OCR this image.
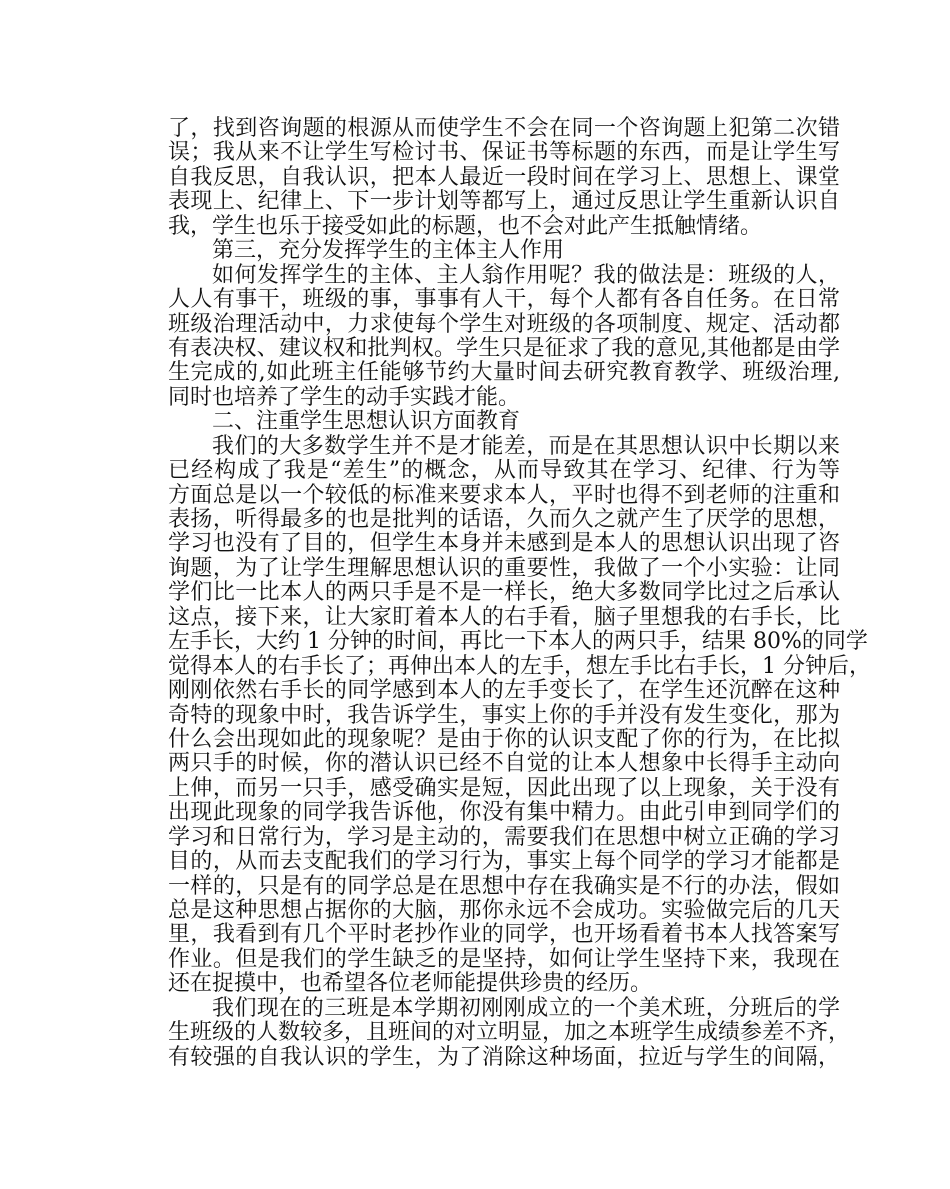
了，找到咨询题的根源从而使学生不会在同一个咨询题上犯第二次错
误；我从来不让学生写检讨书、保证书等标题的东西，而是让学生写
自我反思，自我认识，把本人最近一段时间在学习上、思想上、课堂
表现上、纪律上、下一步计划等都写上，通过反思让学生重新认识自
我，学生也乐于接受如此的标题，也不会对此产生抵触情绪。
第三，充分发挥学生的主体主人作用
如何发挥学生的主体、主人翁作用呢？我的做法是：班级的人，
人人有事干，班级的事，事事有人干，每个人都有各自任务。在日常
班级治理活动中，力求使每个学生对班级的各项制度、规定、活动都
有表决权、建议权和批判权。学生只是征求了我的意见,其他都是由学
生完成的,如此班主任能够节约大量时间去研究教育教学、班级治理,
同时也培养了学生的动手实践才能。
二、注重学生思想认识方面教育
我们的大多数学生并不是才能差，而是在其思想认识中长期以来
已经构成了我是“差生”的概念，从而导致其在学习、纪律、行为等
方面总是以一个较低的标准来要求本人，平时也得不到老师的注重和
表扬，听得最多的也是批判的话语，久而久之就产生了厌学的思想，
学习也没有了目的，但学生本身并未感到是本人的思想认识出现了咨
询题，为了让学生理解思想认识的重要性，我做了一个小实验：让同
学们比一比本人的两只手是不是一样长，绝大多数同学比过之后承认
这点，接下来，让大家盯着本人的右手看，脑子里想我的右手长，比
左手长，大约 1 分钟的时间，再比一下本人的两只手，结果 80%的同学
觉得本人的右手长了；再伸出本人的左手，想左手比右手长，1 分钟后，
刚刚依然右手长的同学感到本人的左手变长了，在学生还沉醉在这种
奇特的现象中时，我告诉学生，事实上你的手并没有发生变化，那为
什么会出现如此的现象呢？是由于你的认识支配了你的行为，在比拟
两只手的时候，你的潜认识已经不自觉的让本人想象中长得手主动向
上伸，而另一只手，感受确实是短，因此出现了以上现象，关于没有
出现此现象的同学我告诉他，你没有集中精力。由此引申到同学们的
学习和日常行为，学习是主动的，需要我们在思想中树立正确的学习
目的，从而去支配我们的学习行为，事实上每个同学的学习才能都是
一样的，只是有的同学总是在思想中存在我确实是不行的办法，假如
总是这种思想占据你的大脑，那你永远不会成功。实验做完后的几天
里，我看到有几个平时老抄作业的同学，也开场看着书本人找答案写
作业。但是我们的学生缺乏的是坚持，如何让学生坚持下来，我现在
还在捉摸中，也希望各位老师能提供珍贵的经历。
我们现在的三班是本学期初刚刚成立的一个美术班，分班后的学
生班级的人数较多，且班间的对立明显，加之本班学生成绩参差不齐，
有较强的自我认识的学生，为了消除这种场面，拉近与学生的间隔，
